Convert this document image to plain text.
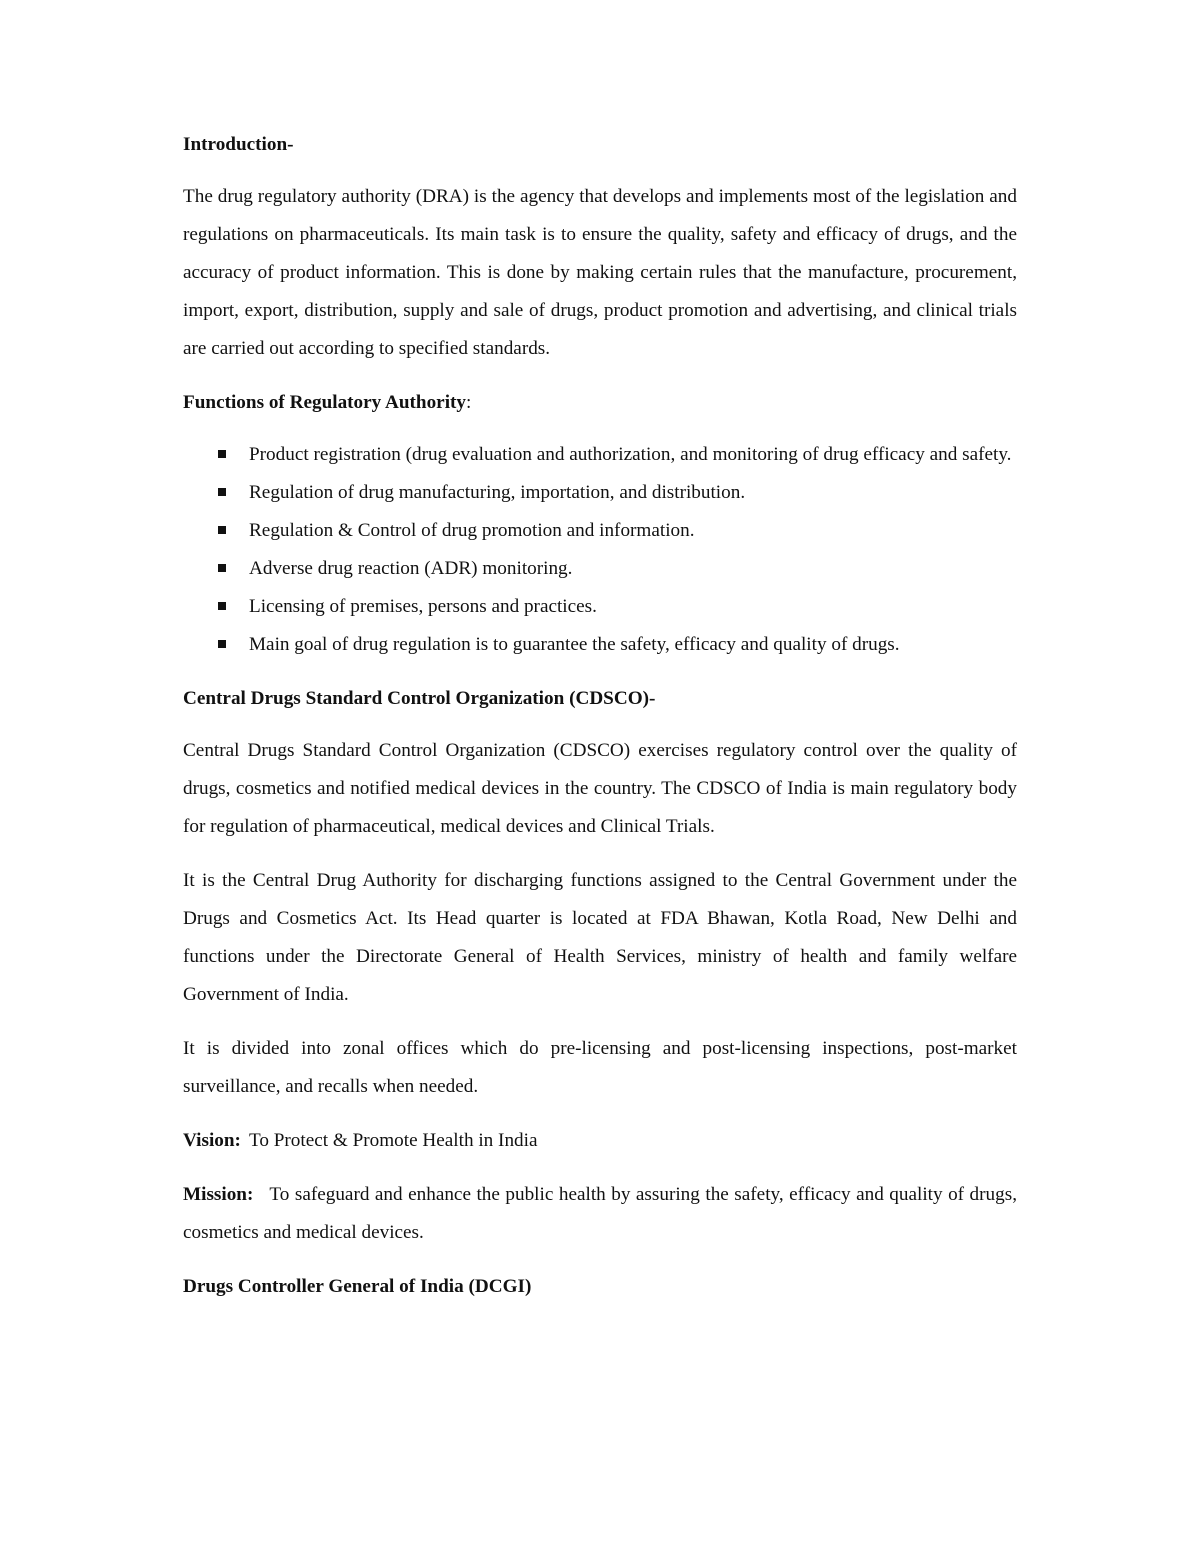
Introduction-

The drug regulatory authority (DRA) is the agency that develops and implements most of the legislation and regulations on pharmaceuticals. Its main task is to ensure the quality, safety and efficacy of drugs, and the accuracy of product information. This is done by making certain rules that the manufacture, procurement, import, export, distribution, supply and sale of drugs, product promotion and advertising, and clinical trials are carried out according to specified standards.

Functions of Regulatory Authority:
Product registration (drug evaluation and authorization, and monitoring of drug efficacy and safety.
Regulation of drug manufacturing, importation, and distribution.
Regulation & Control of drug promotion and information.
Adverse drug reaction (ADR) monitoring.
Licensing of premises, persons and practices.
Main goal of drug regulation is to guarantee the safety, efficacy and quality of drugs.
Central Drugs Standard Control Organization (CDSCO)-

Central Drugs Standard Control Organization (CDSCO) exercises regulatory control over the quality of drugs, cosmetics and notified medical devices in the country. The CDSCO of India is main regulatory body for regulation of pharmaceutical, medical devices and Clinical Trials.

It is the Central Drug Authority for discharging functions assigned to the Central Government under the Drugs and Cosmetics Act. Its Head quarter is located at FDA Bhawan, Kotla Road, New Delhi and functions under the Directorate General of Health Services, ministry of health and family welfare Government of India.

It is divided into zonal offices which do pre-licensing and post-licensing inspections, post-market surveillance, and recalls when needed.

Vision: To Protect & Promote Health in India

Mission: To safeguard and enhance the public health by assuring the safety, efficacy and quality of drugs, cosmetics and medical devices.

Drugs Controller General of India (DCGI)
